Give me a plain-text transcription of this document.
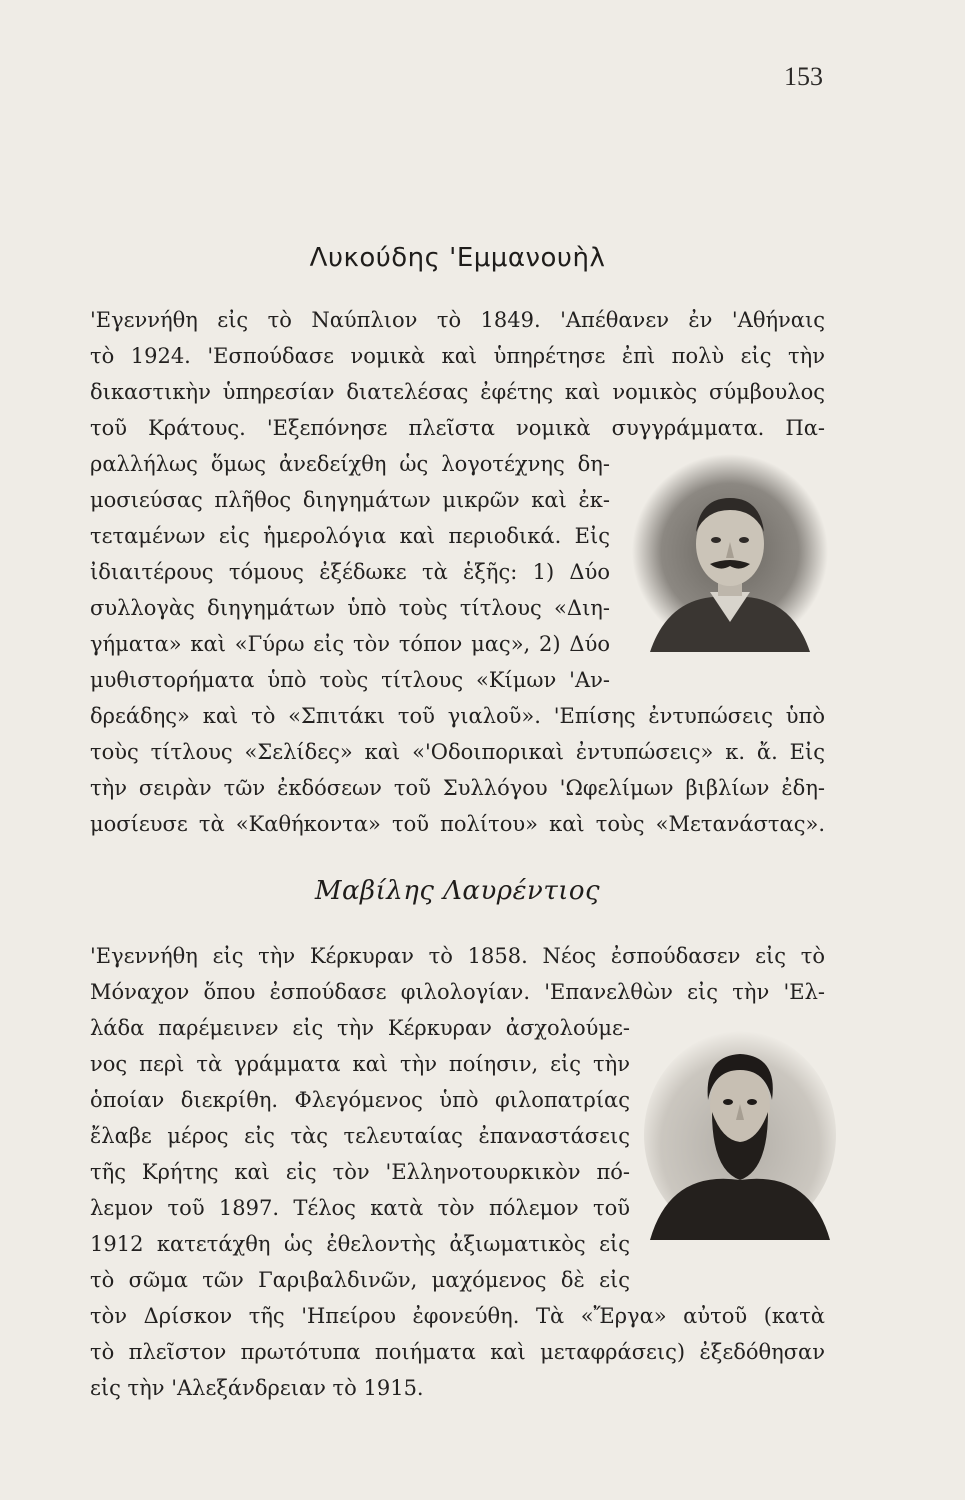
153
Λυκούδης 'Εμμανουὴλ
'Εγεννήθη εἰς τὸ Ναύπλιον τὸ 1849. 'Απέθανεν ἐν 'Αθήναις
τὸ 1924. 'Εσπούδασε νομικὰ καὶ ὑπηρέτησε ἐπὶ πολὺ εἰς τὴν
δικαστικὴν ὑπηρεσίαν διατελέσας ἐφέτης καὶ νομικὸς σύμβουλος
τοῦ Κράτους. 'Εξεπόνησε πλεῖστα νομικὰ συγγράμματα. Πα-
ραλλήλως ὅμως ἀνεδείχθη ὡς λογοτέχνης δη-
μοσιεύσας πλῆθος διηγημάτων μικρῶν καὶ ἐκ-
τεταμένων εἰς ἡμερολόγια καὶ περιοδικά. Εἰς
ἰδιαιτέρους τόμους ἐξέδωκε τὰ ἑξῆς: 1) Δύο
συλλογὰς διηγημάτων ὑπὸ τοὺς τίτλους «Διη-
γήματα» καὶ «Γύρω εἰς τὸν τόπον μας», 2) Δύο
μυθιστορήματα ὑπὸ τοὺς τίτλους «Κίμων 'Αν-
δρεάδης» καὶ τὸ «Σπιτάκι τοῦ γιαλοῦ». 'Επίσης ἐντυπώσεις ὑπὸ
τοὺς τίτλους «Σελίδες» καὶ «'Οδοιπορικαὶ ἐντυπώσεις» κ. ἄ. Εἰς
τὴν σειρὰν τῶν ἐκδόσεων τοῦ Συλλόγου 'Ωφελίμων βιβλίων ἐδη-
μοσίευσε τὰ «Καθήκοντα» τοῦ πολίτου» καὶ τοὺς «Μετανάστας».
Μαβίλης Λαυρέντιος
'Εγεννήθη εἰς τὴν Κέρκυραν τὸ 1858. Νέος ἐσπούδασεν εἰς τὸ
Μόναχον ὅπου ἐσπούδασε φιλολογίαν. 'Επανελθὼν εἰς τὴν 'Ελ-
λάδα παρέμεινεν εἰς τὴν Κέρκυραν ἀσχολούμε-
νος περὶ τὰ γράμματα καὶ τὴν ποίησιν, εἰς τὴν
ὁποίαν διεκρίθη. Φλεγόμενος ὑπὸ φιλοπατρίας
ἔλαβε μέρος εἰς τὰς τελευταίας ἐπαναστάσεις
τῆς Κρήτης καὶ εἰς τὸν 'Ελληνοτουρκικὸν πό-
λεμον τοῦ 1897. Τέλος κατὰ τὸν πόλεμον τοῦ
1912 κατετάχθη ὡς ἐθελοντὴς ἀξιωματικὸς εἰς
τὸ σῶμα τῶν Γαριβαλδινῶν, μαχόμενος δὲ εἰς
τὸν Δρίσκον τῆς 'Ηπείρου ἐφονεύθη. Τὰ «Ἔργα» αὐτοῦ (κατὰ
τὸ πλεῖστον πρωτότυπα ποιήματα καὶ μεταφράσεις) ἐξεδόθησαν
εἰς τὴν 'Αλεξάνδρειαν τὸ 1915.
